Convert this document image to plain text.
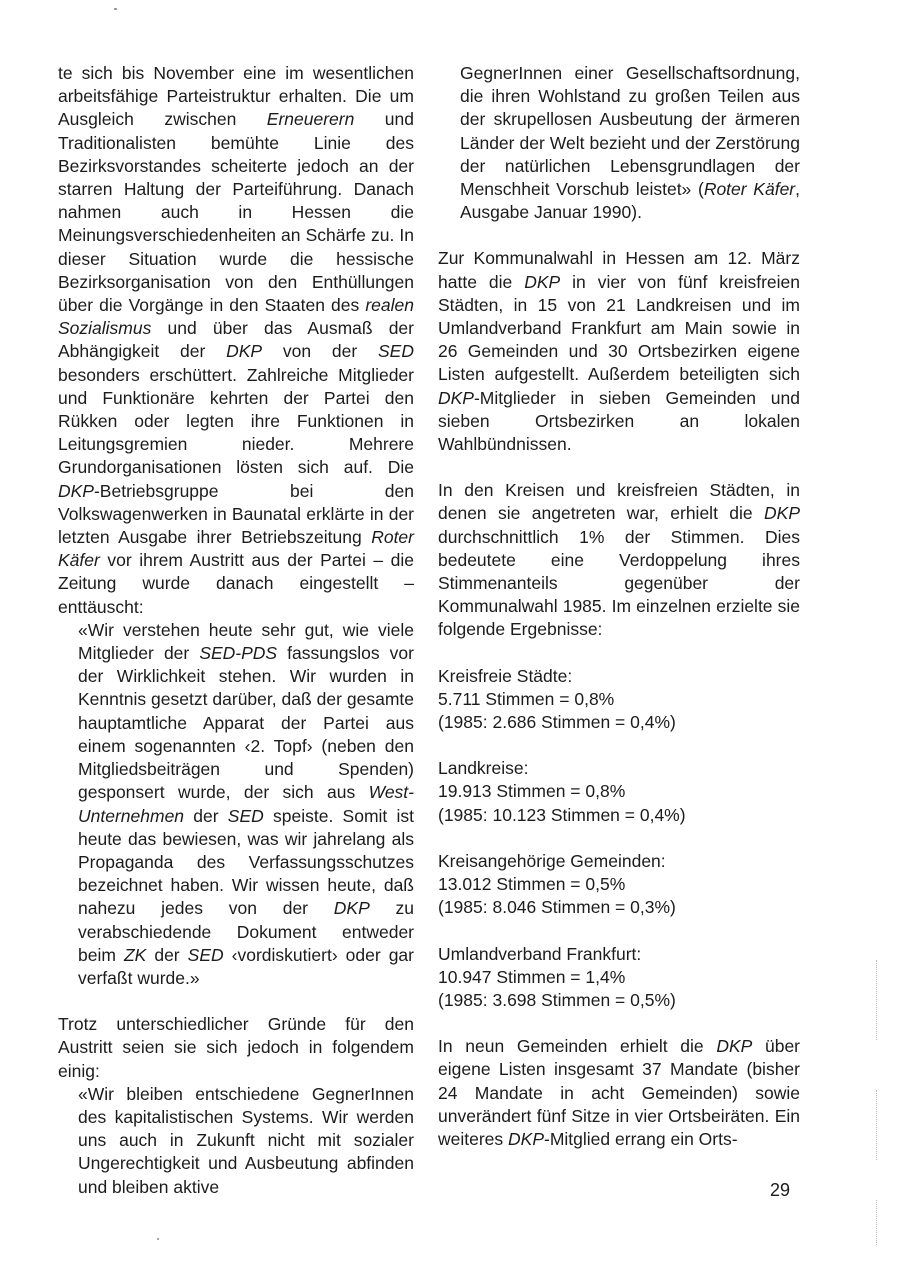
te sich bis November eine im wesentlichen arbeitsfähige Parteistruktur erhalten. Die um Ausgleich zwischen Erneuerern und Traditionalisten bemühte Linie des Bezirksvorstandes scheiterte jedoch an der starren Haltung der Parteiführung. Danach nahmen auch in Hessen die Meinungsverschiedenheiten an Schärfe zu. In dieser Situation wurde die hessische Bezirksorganisation von den Enthüllungen über die Vorgänge in den Staaten des realen Sozialismus und über das Ausmaß der Abhängigkeit der DKP von der SED besonders erschüttert. Zahlreiche Mitglieder und Funktionäre kehrten der Partei den Rükken oder legten ihre Funktionen in Leitungsgremien nieder. Mehrere Grundorganisationen lösten sich auf. Die DKP-Betriebsgruppe bei den Volkswagenwerken in Baunatal erklärte in der letzten Ausgabe ihrer Betriebszeitung Roter Käfer vor ihrem Austritt aus der Partei – die Zeitung wurde danach eingestellt – enttäuscht:

«Wir verstehen heute sehr gut, wie viele Mitglieder der SED-PDS fassungslos vor der Wirklichkeit stehen. Wir wurden in Kenntnis gesetzt darüber, daß der gesamte hauptamtliche Apparat der Partei aus einem sogenannten ‹2. Topf› (neben den Mitgliedsbeiträgen und Spenden) gesponsert wurde, der sich aus West-Unternehmen der SED speiste. Somit ist heute das bewiesen, was wir jahrelang als Propaganda des Verfassungsschutzes bezeichnet haben. Wir wissen heute, daß nahezu jedes von der DKP zu verabschiedende Dokument entweder beim ZK der SED ‹vordiskutiert› oder gar verfaßt wurde.»

Trotz unterschiedlicher Gründe für den Austritt seien sie sich jedoch in folgendem einig:

«Wir bleiben entschiedene GegnerInnen des kapitalistischen Systems. Wir werden uns auch in Zukunft nicht mit sozialer Ungerechtigkeit und Ausbeutung abfinden und bleiben aktive

GegnerInnen einer Gesellschaftsordnung, die ihren Wohlstand zu großen Teilen aus der skrupellosen Ausbeutung der ärmeren Länder der Welt bezieht und der Zerstörung der natürlichen Lebensgrundlagen der Menschheit Vorschub leistet» (Roter Käfer, Ausgabe Januar 1990).

Zur Kommunalwahl in Hessen am 12. März hatte die DKP in vier von fünf kreisfreien Städten, in 15 von 21 Landkreisen und im Umlandverband Frankfurt am Main sowie in 26 Gemeinden und 30 Ortsbezirken eigene Listen aufgestellt. Außerdem beteiligten sich DKP-Mitglieder in sieben Gemeinden und sieben Ortsbezirken an lokalen Wahlbündnissen.

In den Kreisen und kreisfreien Städten, in denen sie angetreten war, erhielt die DKP durchschnittlich 1% der Stimmen. Dies bedeutete eine Verdoppelung ihres Stimmenanteils gegenüber der Kommunalwahl 1985. Im einzelnen erzielte sie folgende Ergebnisse:

Kreisfreie Städte:
5.711 Stimmen = 0,8%
(1985: 2.686 Stimmen = 0,4%)
Landkreise:
19.913 Stimmen = 0,8%
(1985: 10.123 Stimmen = 0,4%)
Kreisangehörige Gemeinden:
13.012 Stimmen = 0,5%
(1985: 8.046 Stimmen = 0,3%)
Umlandverband Frankfurt:
10.947 Stimmen = 1,4%
(1985: 3.698 Stimmen = 0,5%)

In neun Gemeinden erhielt die DKP über eigene Listen insgesamt 37 Mandate (bisher 24 Mandate in acht Gemeinden) sowie unverändert fünf Sitze in vier Ortsbeiräten. Ein weiteres DKP-Mitglied errang ein Orts-

29
